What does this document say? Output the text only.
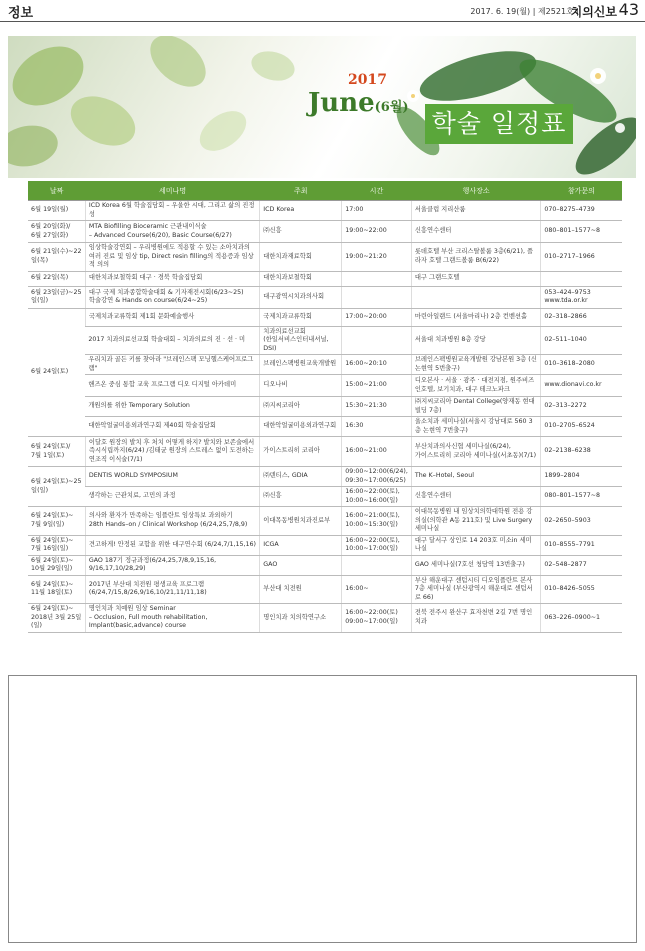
정보	2017. 6. 19(월) | 제2521호 |
치의신보 43
2017
June(6월)
학술 일정표
날짜	세미나명	주최	시간	행사장소	참가문의
6월 19일(월)	ICD Korea 6월 학술집담회 – 우울한 시대, 그리고 삶의 진정성	ICD Korea	17:00	서울클럽 지리산룸	070–8275–4739
6월 20일(화)/
6월 27일(화)	MTA Biofilling Bioceramic 근관내이식술
– Advanced Course(6/20), Basic Course(6/27)	㈜신흥	19:00~22:00	신흥연수센터	080–801–1577~8
6월 21일(수)~22일(목)	임상학술강연회 – 우리병원에도 적용할 수 있는 소아치과의 여러 진료 및 임상 tip, Direct resin filling의 적용증과 임상적 의의	대한치과재료학회	19:00~21:20	롯데호텔 부산 크리스탈볼룸 3층(6/21), 플라자 호텔 그랜드볼룸 B(6/22)	010–2717–1966
6월 22일(목)	대한치과보철학회 대구 · 경북 학술집담회	대한치과보철학회		대구 그랜드호텔	
6월 23일(금)~25일(일)	대구 국제 치과종합학술대회 & 기자재전시회(6/23~25)
학술강연 & Hands on course(6/24~25)	대구광역시치과의사회			053–424–9753
www.tda.or.kr
6월 24일(토)	국제치과교류학회 제1회 문화예술행사	국제치과교류학회	17:00~20:00	마린아일랜드 (서울마리나) 2층 컨벤션홀	02–318–2866
	2017 치과의료선교회 학술대회 – 치과의료의 진 · 선 · 미	치과의료선교회
(한일서비스인터내셔널, DSI)		서울대 치과병원 8층 강당	02–511–1040
	우리치과 골든 키를 찾아라 "브레인스팩 모닝헬스케어프로그램"	브레인스팩병원교육개발원	16:00~20:10	브레인스팩병원교육개발원 강남본원 3층 (신논현역 5번출구)	010–3618–2080
	핸즈온 중심 통합 교육 프로그램 디오 디지털 아카데미	디오나비	15:00~21:00	디오본사 · 서울 · 광주 · 대전지점, 원주비즈인호텔, 보기치과, 대구 테크노파크	www.dionavi.co.kr
	개원의를 위한 Temporary Solution	㈜지씨코리아	15:30~21:30	㈜지씨코리아 Dental College(양재동 현대 빌딩 7층)	02–313–2272
	대한악얼굴미용외과연구회 제40회 학술집담회	대한악얼굴미용외과연구회	16:30	울소치과 세미나실(서울시 강남대로 560 3층 논현역 7번출구)	010–2705–6524
6월 24일(토)/
7월 1일(토)	이달호 원장의 발치 후 처치 어떻게 하지? 발치와 보존술에서 즉시식립까지(6/24) /김태균 원장의 스트레스 없이 도전하는 연조직 이식술(7/1)	가이스트리히 코리아	16:00~21:00	부산치과의사신협 세미나실(6/24),
가이스트리히 코리아 세미나실(서초동)(7/1)	02–2138–6238
6월 24일(토)~25일(일)	DENTIS WORLD SYMPOSIUM	㈜덴티스, GDIA	09:00~12:00(6/24),
09:30~17:00(6/25)	The K–Hotel, Seoul	1899–2804
	생각하는 근관치료, 고민의 과정	㈜신흥	16:00~22:00(토),
10:00~16:00(일)	신흥연수센터	080–801–1577~8
6월 24일(토)~
7월 9일(일)	의사와 환자가 만족하는 임플란트 임상특보 과외하기
28th Hands–on / Clinical Workshop (6/24,25,7/8,9)	이대목동병원치과진료부	16:00~21:00(토),
10:00~15:30(일)	이대목동병원 내 임상치의학대학원 전용 강의실(의학관 A동 211호) 및 Live Surgery 세미나실	02–2650–5903
6월 24일(토)~
7월 16일(일)	견고하게! 안정된 교합을 위한 대구연수회 (6/24,7/1,15,16)	ICGA	16:00~22:00(토),
10:00~17:00(일)	대구 달서구 상인로 14 203호 미소in 세미나실	010–8555–7791
6월 24일(토)~
10월 29일(일)	GAO 187기 정규과정(6/24,25,7/8,9,15,16, 9/16,17,10/28,29)	GAO		GAO 세미나실(7호선 청담역 13번출구)	02–548–2877
6월 24일(토)~
11월 18일(토)	2017년 부산대 치전원 평생교육 프로그램 (6/24,7/15,8/26,9/16,10/21,11/11,18)	부산대 치전원	16:00~	부산 해운대구 센텀시티 디오임플란트 본사 7층 세미나실 (부산광역시 해운대로 센텀서로 66)	010–8426–5055
6월 24일(토)~
2018년 3월 25일(일)	명인치과 치예원 임상 Seminar
– Occlusion, Full mouth rehabilitation, Implant(basic,advance) course	명인치과 치의학연구소	16:00~22:00(토)
09:00~17:00(일)	전북 전주시 완산구 효자천변 2길 7번 명인치과	063–226–0900~1
